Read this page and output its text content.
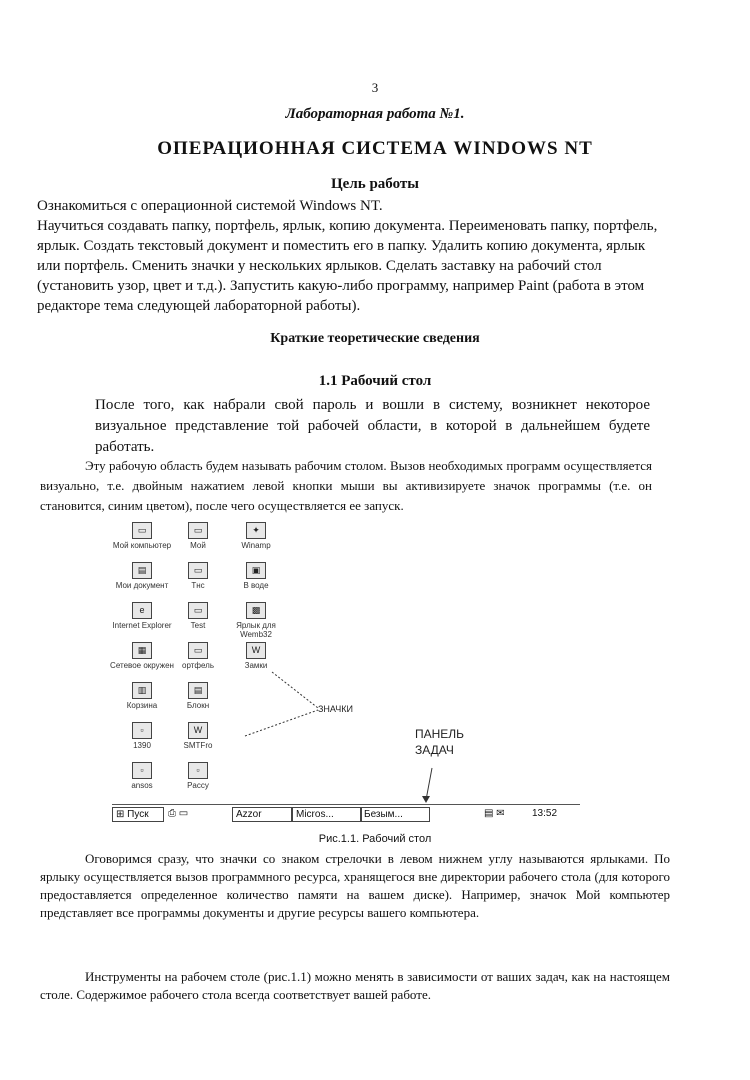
3
Лабораторная работа №1.
ОПЕРАЦИОННАЯ СИСТЕМА WINDOWS NT
Цель работы

Ознакомиться с операционной системой Windows NT.

Научиться создавать папку, портфель, ярлык, копию документа. Переименовать папку, портфель, ярлык. Создать текстовый документ и поместить его в папку. Удалить копию документа, ярлык или портфель. Сменить значки у нескольких ярлыков. Сделать заставку на рабочий стол (установить узор, цвет и т.д.). Запустить какую-либо программу, например Paint (работа в этом редакторе тема следующей лабораторной работы).

Краткие теоретические сведения
1.1 Рабочий стол

После того, как набрали свой пароль и вошли в систему, возникнет некоторое визуальное представление той рабочей области, в которой в дальнейшем будете работать.

Эту рабочую область будем называть рабочим столом. Вызов необходимых программ осуществляется визуально, т.е. двойным нажатием левой кнопки мыши вы активизируете значок программы (т.е. он становится, синим цветом), после чего осуществляется ее запуск.

▭
Мой компьютер
▤
Мои документ
e
Internet Explorer
▦
Сетевое окружен
▥
Корзина
▫
1390
▫
ansos
▭
Мой
▭
Тнс
▭
Test
▭
ортфель
▤
Блокн
W
SMTFro
▫
Paccy
✦
Winamp
▣
В воде
▩
Ярлык для Wemb32
W
Замки
ЗНАЧКИ
ПАНЕЛЬ ЗАДАЧ
⊞ Пуск	⎙ ▭	Azzor	Micros...	Безым...	▤ ✉	13:52
Рис.1.1. Рабочий стол

Оговоримся сразу, что значки со знаком стрелочки в левом нижнем углу называются ярлыками. По ярлыку осуществляется вызов программного ресурса, хранящегося вне директории рабочего стола (для которого предоставляется определенное количество памяти на вашем диске). Например, значок Мой компьютер представляет все программы документы и другие ресурсы вашего компьютера.

Инструменты на рабочем столе (рис.1.1) можно менять в зависимости от ваших задач, как на настоящем столе. Содержимое рабочего стола всегда соответствует вашей работе.
